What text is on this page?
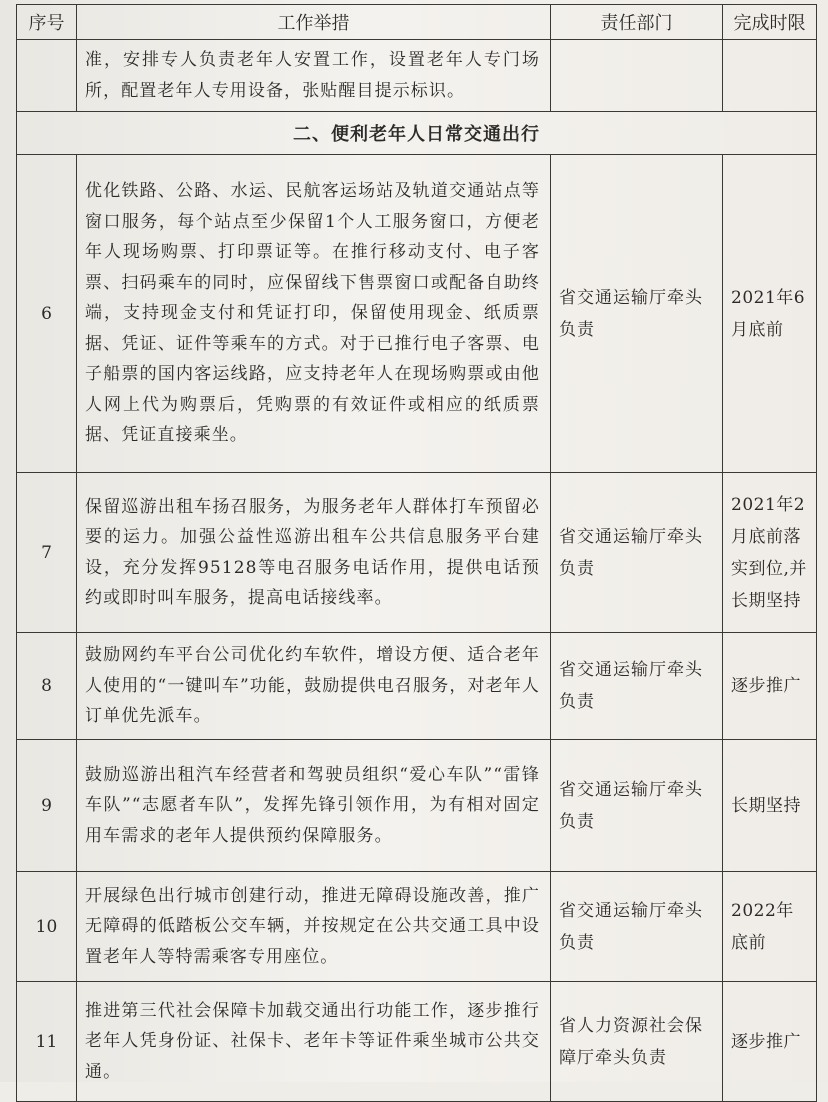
序号	工作举措	责任部门	完成时限
	准，安排专人负责老年人安置工作，设置老年人专门场所，配置老年人专用设备，张贴醒目提示标识。		
二、便利老年人日常交通出行			
6	优化铁路、公路、水运、民航客运场站及轨道交通站点等窗口服务，每个站点至少保留1个人工服务窗口，方便老年人现场购票、打印票证等。在推行移动支付、电子客票、扫码乘车的同时，应保留线下售票窗口或配备自助终端，支持现金支付和凭证打印，保留使用现金、纸质票据、凭证、证件等乘车的方式。对于已推行电子客票、电子船票的国内客运线路，应支持老年人在现场购票或由他人网上代为购票后，凭购票的有效证件或相应的纸质票据、凭证直接乘坐。	省交通运输厅牵头负责	2021年6月底前
7	保留巡游出租车扬召服务，为服务老年人群体打车预留必要的运力。加强公益性巡游出租车公共信息服务平台建设，充分发挥95128等电召服务电话作用，提供电话预约或即时叫车服务，提高电话接线率。	省交通运输厅牵头负责	2021年2月底前落实到位,并长期坚持
8	鼓励网约车平台公司优化约车软件，增设方便、适合老年人使用的“一键叫车”功能，鼓励提供电召服务，对老年人订单优先派车。	省交通运输厅牵头负责	逐步推广
9	鼓励巡游出租汽车经营者和驾驶员组织“爱心车队”“雷锋车队”“志愿者车队”，发挥先锋引领作用，为有相对固定用车需求的老年人提供预约保障服务。	省交通运输厅牵头负责	长期坚持
10	开展绿色出行城市创建行动，推进无障碍设施改善，推广无障碍的低踏板公交车辆，并按规定在公共交通工具中设置老年人等特需乘客专用座位。	省交通运输厅牵头负责	2022年底前
11	推进第三代社会保障卡加载交通出行功能工作，逐步推行老年人凭身份证、社保卡、老年卡等证件乘坐城市公共交通。	省人力资源社会保障厅牵头负责	逐步推广
